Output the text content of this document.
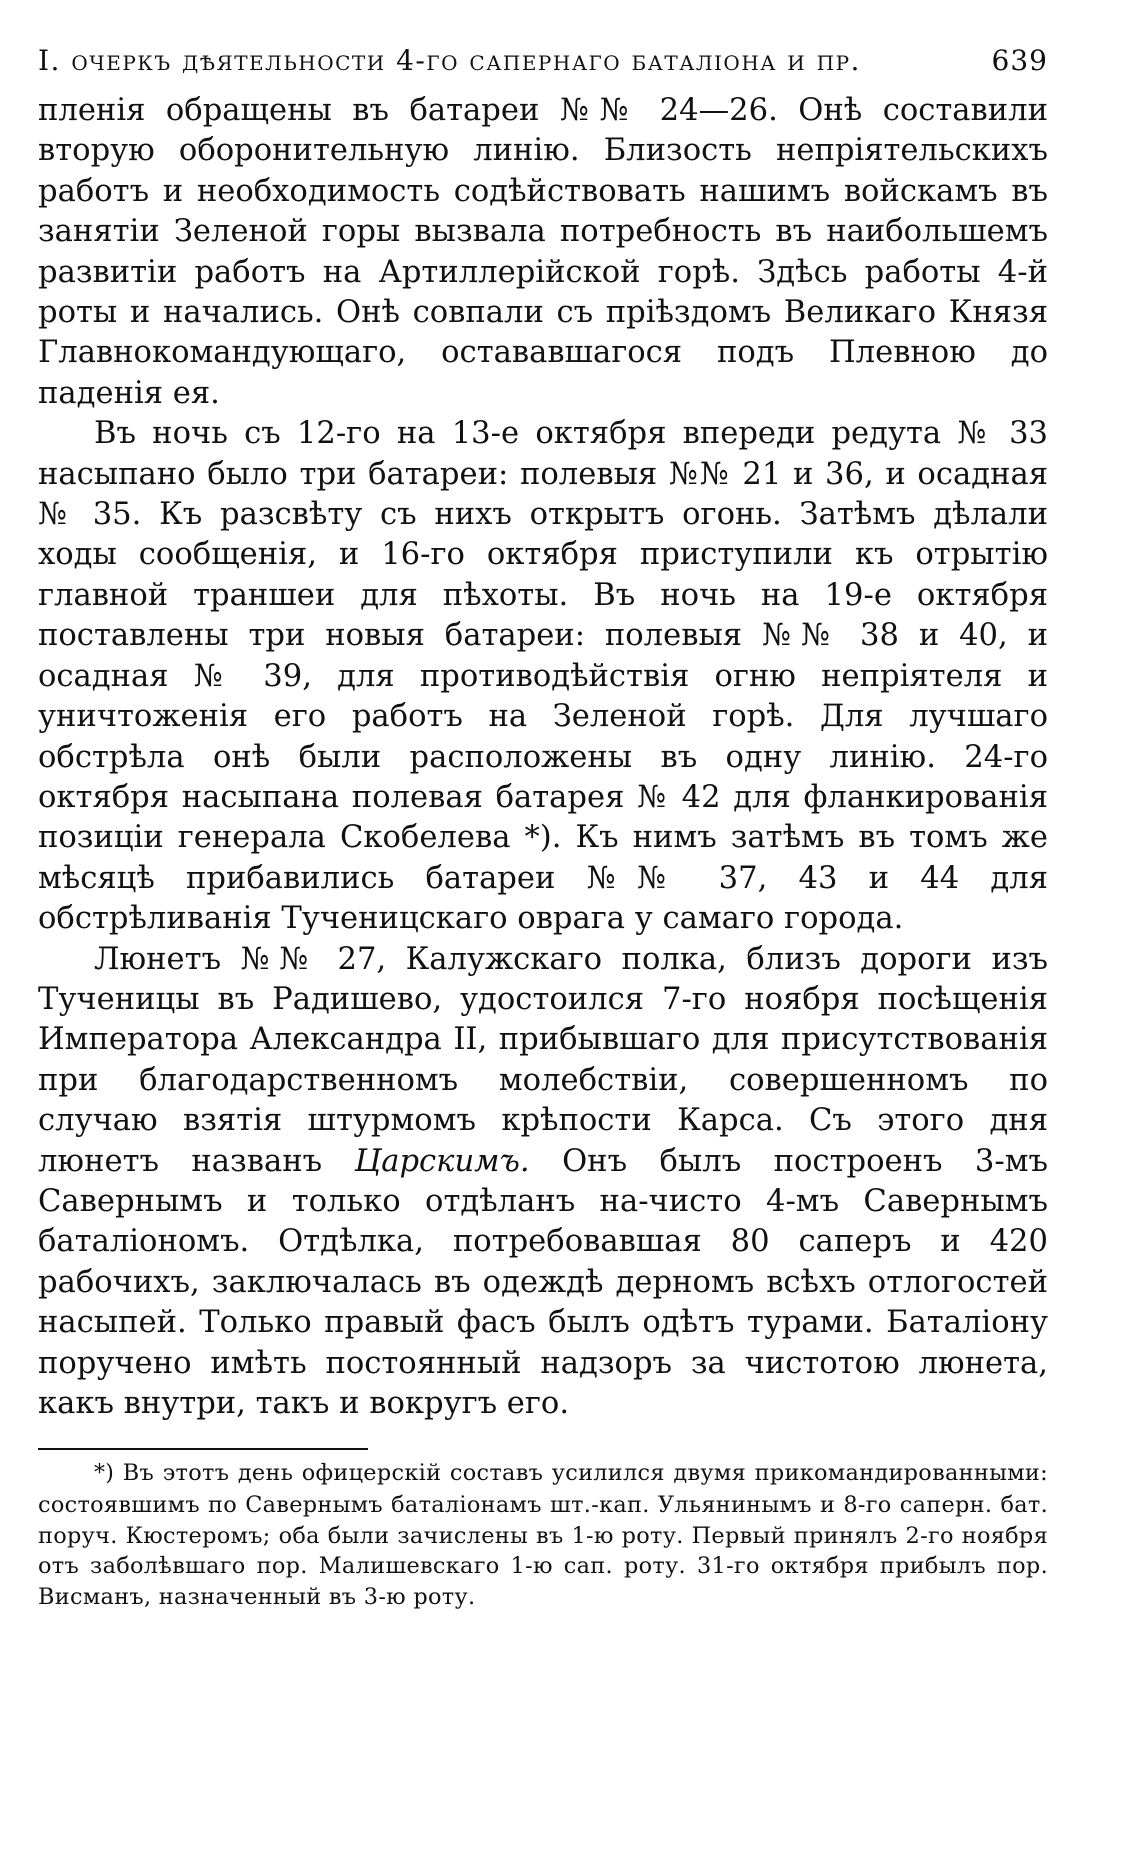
I. очеркъ дѣятельности 4-го сапернаго баталіона и пр.	639

пленія обращены въ батареи №№ 24—26. Онѣ составили вторую оборонительную линію. Близость непріятельскихъ работъ и необходимость содѣйствовать нашимъ войскамъ въ занятіи Зеленой горы вызвала потребность въ наибольшемъ развитіи работъ на Артиллерійской горѣ. Здѣсь работы 4-й роты и начались. Онѣ совпали съ пріѣздомъ Великаго Князя Главнокомандующаго, остававшагося подъ Плевною до паденія ея.

Въ ночь съ 12-го на 13-е октября впереди редута № 33 насыпано было три батареи: полевыя №№ 21 и 36, и осадная № 35. Къ разсвѣту съ нихъ открытъ огонь. Затѣмъ дѣлали ходы сообщенія, и 16-го октября приступили къ отрытію главной траншеи для пѣхоты. Въ ночь на 19-е октября поставлены три новыя батареи: полевыя №№ 38 и 40, и осадная № 39, для противодѣйствія огню непріятеля и уничтоженія его работъ на Зеленой горѣ. Для лучшаго обстрѣла онѣ были расположены въ одну линію. 24-го октября насыпана полевая батарея № 42 для фланкированія позиціи генерала Скобелева *). Къ нимъ затѣмъ въ томъ же мѣсяцѣ прибавились батареи №№ 37, 43 и 44 для обстрѣливанія Тученицскаго оврага у самаго города.

Люнетъ №№ 27, Калужскаго полка, близъ дороги изъ Тученицы въ Радишево, удостоился 7-го ноября посѣщенія Императора Александра II, прибывшаго для присутствованія при благодарственномъ молебствіи, совершенномъ по случаю взятія штурмомъ крѣпости Карса. Съ этого дня люнетъ названъ Царскимъ. Онъ былъ построенъ 3-мъ Савернымъ и только отдѣланъ на-чисто 4-мъ Савернымъ баталіономъ. Отдѣлка, потребовавшая 80 саперъ и 420 рабочихъ, заключалась въ одеждѣ дерномъ всѣхъ отлогостей насыпей. Только правый фасъ былъ одѣтъ турами. Баталіону поручено имѣть постоянный надзоръ за чистотою люнета, какъ внутри, такъ и вокругъ его.

*) Въ этотъ день офицерскій составъ усилился двумя прикомандированными: состоявшимъ по Савернымъ баталіонамъ шт.-кап. Ульянинымъ и 8-го саперн. бат. поруч. Кюстеромъ; оба были зачислены въ 1-ю роту. Первый принялъ 2-го ноября отъ заболѣвшаго пор. Малишевскаго 1-ю сап. роту. 31-го октября прибылъ пор. Висманъ, назначенный въ 3-ю роту.
